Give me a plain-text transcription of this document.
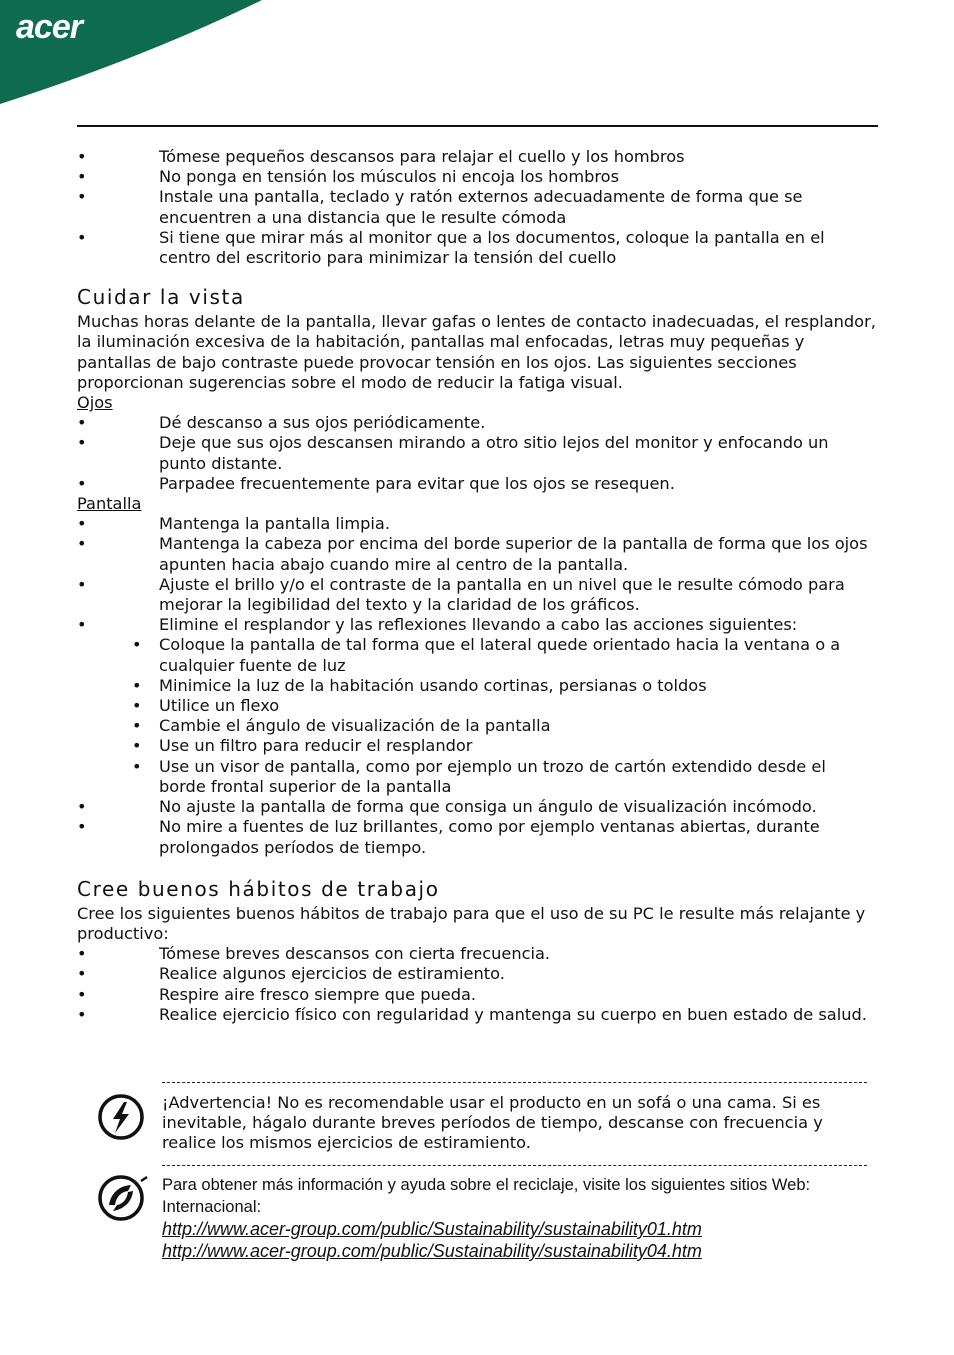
acer
•	Tómese pequeños descansos para relajar el cuello y los hombros
•	No ponga en tensión los músculos ni encoja los hombros
•	Instale una pantalla, teclado y ratón externos adecuadamente de forma que se encuentren a una distancia que le resulte cómoda
•	Si tiene que mirar más al monitor que a los documentos, coloque la pantalla en el centro del escritorio para minimizar la tensión del cuello
Cuidar la vista

Muchas horas delante de la pantalla, llevar gafas o lentes de contacto inadecuadas, el resplandor, la iluminación excesiva de la habitación, pantallas mal enfocadas, letras muy pequeñas y pantallas de bajo contraste puede provocar tensión en los ojos. Las siguientes secciones proporcionan sugerencias sobre el modo de reducir la fatiga visual.

Ojos
•	Dé descanso a sus ojos periódicamente.
•	Deje que sus ojos descansen mirando a otro sitio lejos del monitor y enfocando un punto distante.
•	Parpadee frecuentemente para evitar que los ojos se resequen.
Pantalla
•	Mantenga la pantalla limpia.
•	Mantenga la cabeza por encima del borde superior de la pantalla de forma que los ojos apunten hacia abajo cuando mire al centro de la pantalla.
•	Ajuste el brillo y/o el contraste de la pantalla en un nivel que le resulte cómodo para mejorar la legibilidad del texto y la claridad de los gráficos.
•	Elimine el resplandor y las reflexiones llevando a cabo las acciones siguientes:
• Coloque la pantalla de tal forma que el lateral quede orientado hacia la ventana o a cualquier fuente de luz
• Minimice la luz de la habitación usando cortinas, persianas o toldos
• Utilice un flexo
• Cambie el ángulo de visualización de la pantalla
• Use un filtro para reducir el resplandor
• Use un visor de pantalla, como por ejemplo un trozo de cartón extendido desde el borde frontal superior de la pantalla
•	No ajuste la pantalla de forma que consiga un ángulo de visualización incómodo.
•	No mire a fuentes de luz brillantes, como por ejemplo ventanas abiertas, durante prolongados períodos de tiempo.
Cree buenos hábitos de trabajo

Cree los siguientes buenos hábitos de trabajo para que el uso de su PC le resulte más relajante y productivo:

•	Tómese breves descansos con cierta frecuencia.
•	Realice algunos ejercicios de estiramiento.
•	Respire aire fresco siempre que pueda.
•	Realice ejercicio físico con regularidad y mantenga su cuerpo en buen estado de salud.
¡Advertencia! No es recomendable usar el producto en un sofá o una cama. Si es inevitable, hágalo durante breves períodos de tiempo, descanse con frecuencia y realice los mismos ejercicios de estiramiento.
Para obtener más información y ayuda sobre el reciclaje, visite los siguientes sitios Web:
Internacional:
http://www.acer-group.com/public/Sustainability/sustainability01.htm
http://www.acer-group.com/public/Sustainability/sustainability04.htm
